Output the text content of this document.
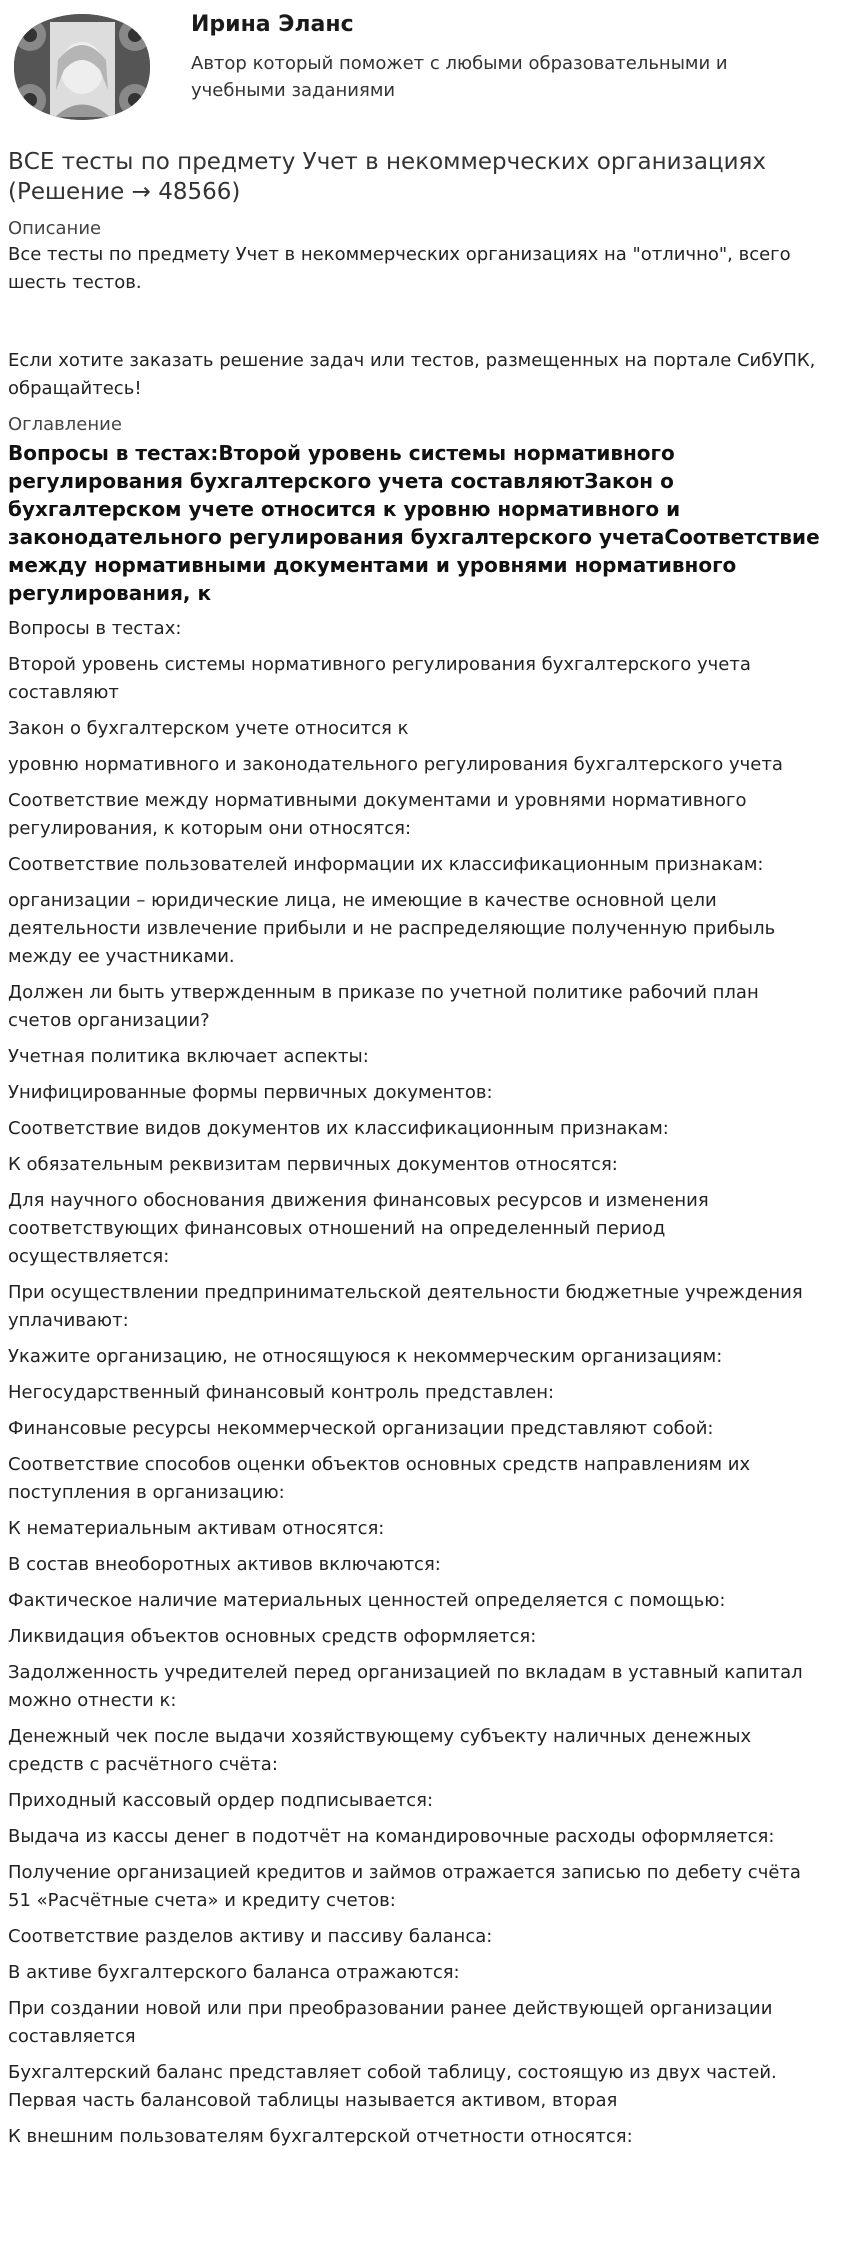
Ирина Эланс
Автор который поможет с любыми образовательными и учебными заданиями
ВСЕ тесты по предмету Учет в некоммерческих организациях (Решение → 48566)
Описание

Все тесты по предмету Учет в некоммерческих организациях на "отлично", всего шесть тестов.

Если хотите заказать решение задач или тестов, размещенных на портале СибУПК, обращайтесь!

Оглавление
Вопросы в тестах:Второй уровень системы нормативного регулирования бухгалтерского учета составляютЗакон о бухгалтерском учете относится к уровню нормативного и законодательного регулирования бухгалтерского учетаСоответствие между нормативными документами и уровнями нормативного регулирования, к

Вопросы в тестах:

Второй уровень системы нормативного регулирования бухгалтерского учета составляют

Закон о бухгалтерском учете относится к

уровню нормативного и законодательного регулирования бухгалтерского учета

Соответствие между нормативными документами и уровнями нормативного регулирования, к которым они относятся:

Соответствие пользователей информации их классификационным признакам:

организации – юридические лица, не имеющие в качестве основной цели деятельности извлечение прибыли и не распределяющие полученную прибыль между ее участниками.

Должен ли быть утвержденным в приказе по учетной политике рабочий план счетов организации?

Учетная политика включает аспекты:

Унифицированные формы первичных документов:

Соответствие видов документов их классификационным признакам:

К обязательным реквизитам первичных документов относятся:

Для научного обоснования движения финансовых ресурсов и изменения соответствующих финансовых отношений на определенный период осуществляется:

При осуществлении предпринимательской деятельности бюджетные учреждения уплачивают:

Укажите организацию, не относящуюся к некоммерческим организациям:

Негосударственный финансовый контроль представлен:

Финансовые ресурсы некоммерческой организации представляют собой:

Соответствие способов оценки объектов основных средств направлениям их поступления в организацию:

К нематериальным активам относятся:

В состав внеоборотных активов включаются:

Фактическое наличие материальных ценностей определяется с помощью:

Ликвидация объектов основных средств оформляется:

Задолженность учредителей перед организацией по вкладам в уставный капитал можно отнести к:

Денежный чек после выдачи хозяйствующему субъекту наличных денежных средств с расчётного счёта:

Приходный кассовый ордер подписывается:

Выдача из кассы денег в подотчёт на командировочные расходы оформляется:

Получение организацией кредитов и займов отражается записью по дебету счёта 51 «Расчётные счета» и кредиту счетов:

Соответствие разделов активу и пассиву баланса:

В активе бухгалтерского баланса отражаются:

При создании новой или при преобразовании ранее действующей организации составляется

Бухгалтерский баланс представляет собой таблицу, состоящую из двух частей. Первая часть балансовой таблицы называется активом, вторая

К внешним пользователям бухгалтерской отчетности относятся:
